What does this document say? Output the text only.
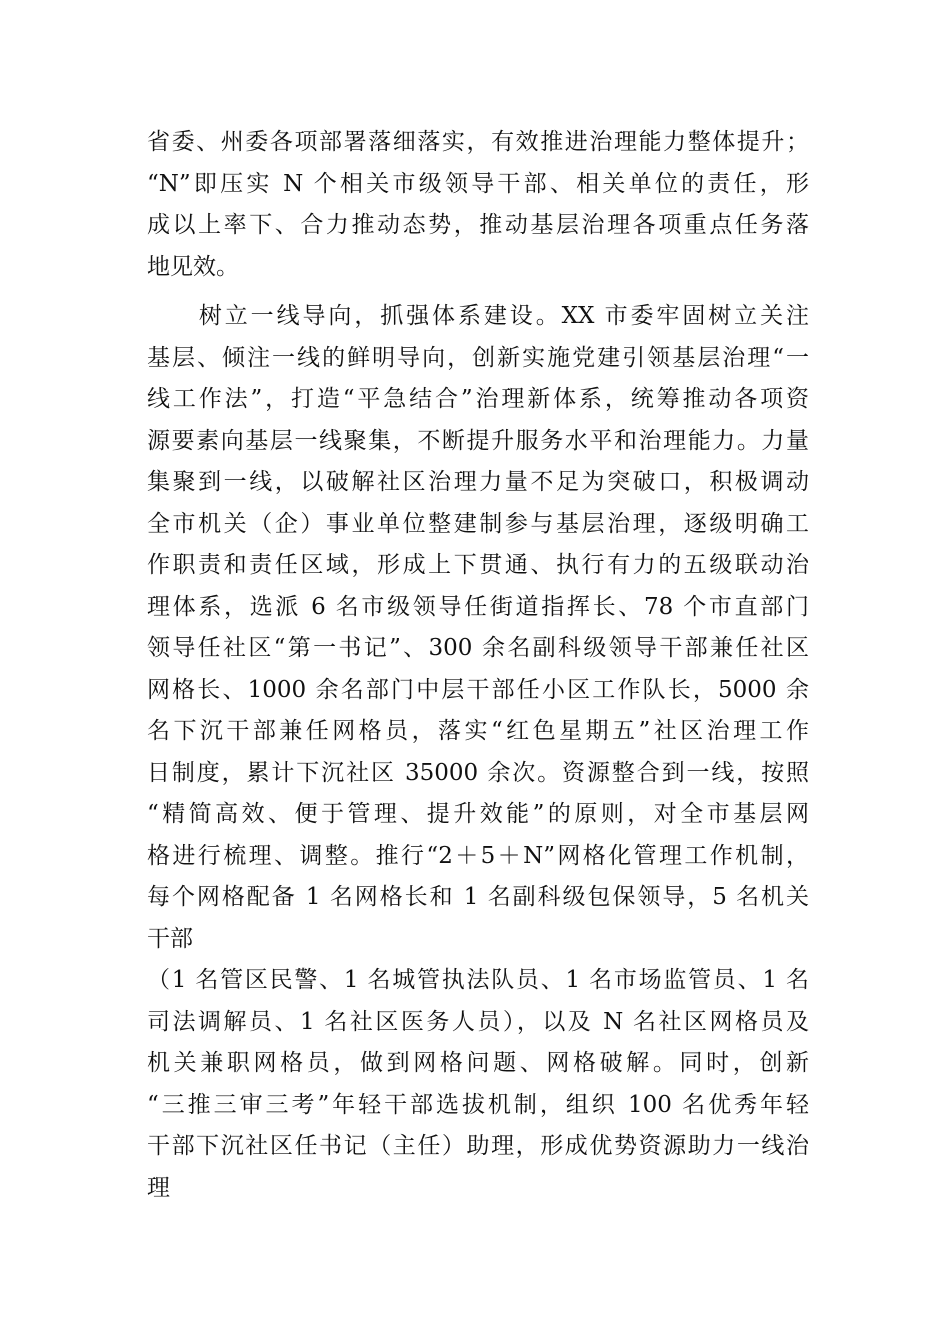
省委、州委各项部署落细落实，有效推进治理能力整体提升；
“N”即压实 N 个相关市级领导干部、相关单位的责任，形
成以上率下、合力推动态势，推动基层治理各项重点任务落
地见效。
　　树立一线导向，抓强体系建设。XX 市委牢固树立关注
基层、倾注一线的鲜明导向，创新实施党建引领基层治理“一
线工作法”，打造“平急结合”治理新体系，统筹推动各项资
源要素向基层一线聚集，不断提升服务水平和治理能力。力量
集聚到一线，以破解社区治理力量不足为突破口，积极调动
全市机关（企）事业单位整建制参与基层治理，逐级明确工
作职责和责任区域，形成上下贯通、执行有力的五级联动治
理体系，选派 6 名市级领导任街道指挥长、78 个市直部门
领导任社区“第一书记”、300 余名副科级领导干部兼任社区
网格长、1000 余名部门中层干部任小区工作队长，5000 余
名下沉干部兼任网格员，落实“红色星期五”社区治理工作
日制度，累计下沉社区 35000 余次。资源整合到一线，按照
“精简高效、便于管理、提升效能”的原则，对全市基层网
格进行梳理、调整。推行“2＋5＋N”网格化管理工作机制，
每个网格配备 1 名网格长和 1 名副科级包保领导，5 名机关
干部
（1 名管区民警、1 名城管执法队员、1 名市场监管员、1 名
司法调解员、1 名社区医务人员），以及 N 名社区网格员及
机关兼职网格员，做到网格问题、网格破解。同时，创新
“三推三审三考”年轻干部选拔机制，组织 100 名优秀年轻
干部下沉社区任书记（主任）助理，形成优势资源助力一线治
理
